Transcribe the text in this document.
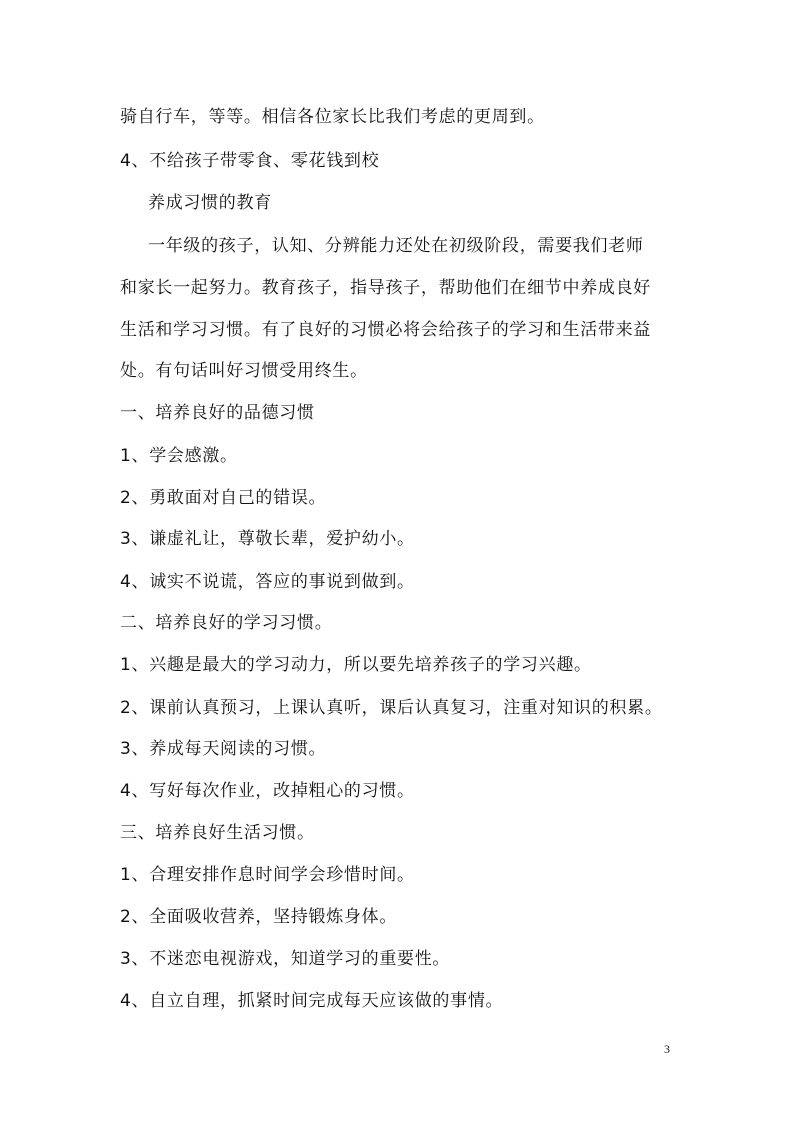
骑自行车，等等。相信各位家长比我们考虑的更周到。
4、不给孩子带零食、零花钱到校
养成习惯的教育
一年级的孩子，认知、分辨能力还处在初级阶段，需要我们老师
和家长一起努力。教育孩子，指导孩子，帮助他们在细节中养成良好
生活和学习习惯。有了良好的习惯必将会给孩子的学习和生活带来益
处。有句话叫好习惯受用终生。
一、培养良好的品德习惯
1、学会感激。
2、勇敢面对自己的错误。
3、谦虚礼让，尊敬长辈，爱护幼小。
4、诚实不说谎，答应的事说到做到。
二、培养良好的学习习惯。
1、兴趣是最大的学习动力，所以要先培养孩子的学习兴趣。
2、课前认真预习，上课认真听，课后认真复习，注重对知识的积累。
3、养成每天阅读的习惯。
4、写好每次作业，改掉粗心的习惯。
三、培养良好生活习惯。
1、合理安排作息时间学会珍惜时间。
2、全面吸收营养，坚持锻炼身体。
3、不迷恋电视游戏，知道学习的重要性。
4、自立自理，抓紧时间完成每天应该做的事情。
3
